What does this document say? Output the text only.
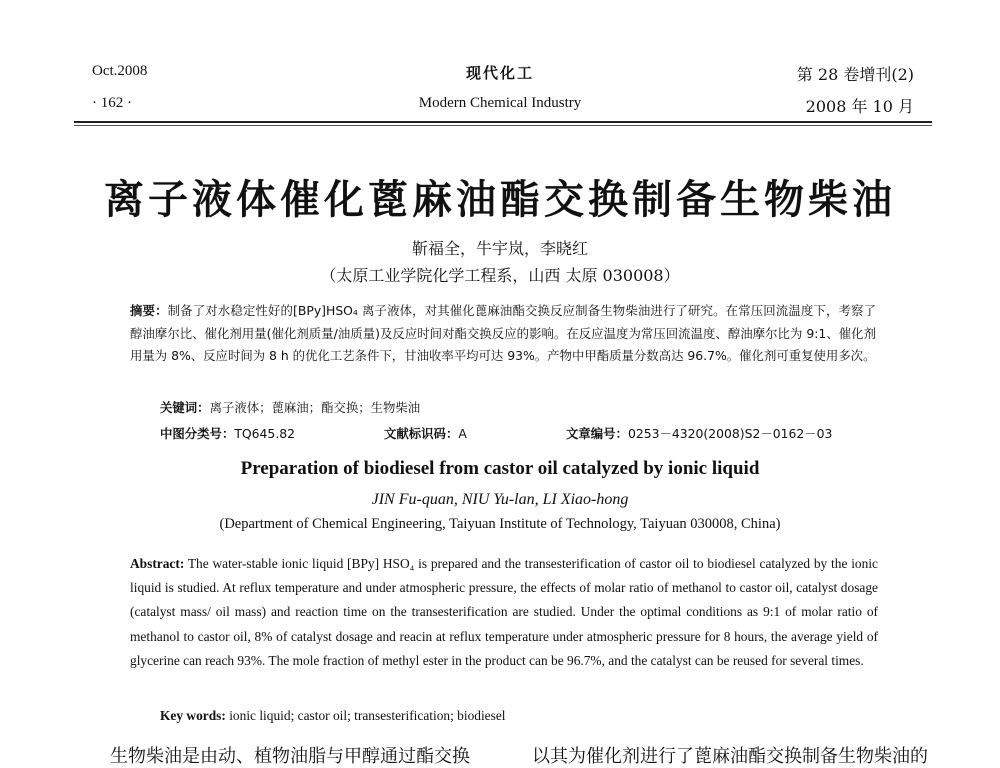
Oct.2008
· 162 ·
现代化工
Modern Chemical Industry
第 28 卷增刊(2)
2008 年 10 月
离子液体催化蓖麻油酯交换制备生物柴油
靳福全，牛宇岚，李晓红
（太原工业学院化学工程系，山西 太原 030008）
摘要：制备了对水稳定性好的[BPy]HSO₄ 离子液体，对其催化蓖麻油酯交换反应制备生物柴油进行了研究。在常压回流温度下，考察了醇油摩尔比、催化剂用量(催化剂质量/油质量)及反应时间对酯交换反应的影响。在反应温度为常压回流温度、醇油摩尔比为 9:1、催化剂用量为 8%、反应时间为 8 h 的优化工艺条件下，甘油收率平均可达 93%。产物中甲酯质量分数高达 96.7%。催化剂可重复使用多次。
关键词：离子液体；蓖麻油；酯交换；生物柴油
中图分类号：TQ645.82	文献标识码：A	文章编号：0253－4320(2008)S2－0162－03
Preparation of biodiesel from castor oil catalyzed by ionic liquid
JIN Fu-quan, NIU Yu-lan, LI Xiao-hong
(Department of Chemical Engineering, Taiyuan Institute of Technology, Taiyuan 030008, China)
Abstract: The water-stable ionic liquid [BPy] HSO₄ is prepared and the transesterification of castor oil to biodiesel catalyzed by the ionic liquid is studied. At reflux temperature and under atmospheric pressure, the effects of molar ratio of methanol to castor oil, catalyst dosage (catalyst mass/ oil mass) and reaction time on the transesterification are studied. Under the optimal conditions as 9:1 of molar ratio of methanol to castor oil, 8% of catalyst dosage and reacin at reflux temperature under atmospheric pressure for 8 hours, the average yield of glycerine can reach 93%. The mole fraction of methyl ester in the product can be 96.7%, and the catalyst can be reused for several times.
Key words: ionic liquid; castor oil; transesterification; biodiesel
生物柴油是由动、植物油脂与甲醇通过酯交换	以其为催化剂进行了蓖麻油酯交换制备生物柴油的
